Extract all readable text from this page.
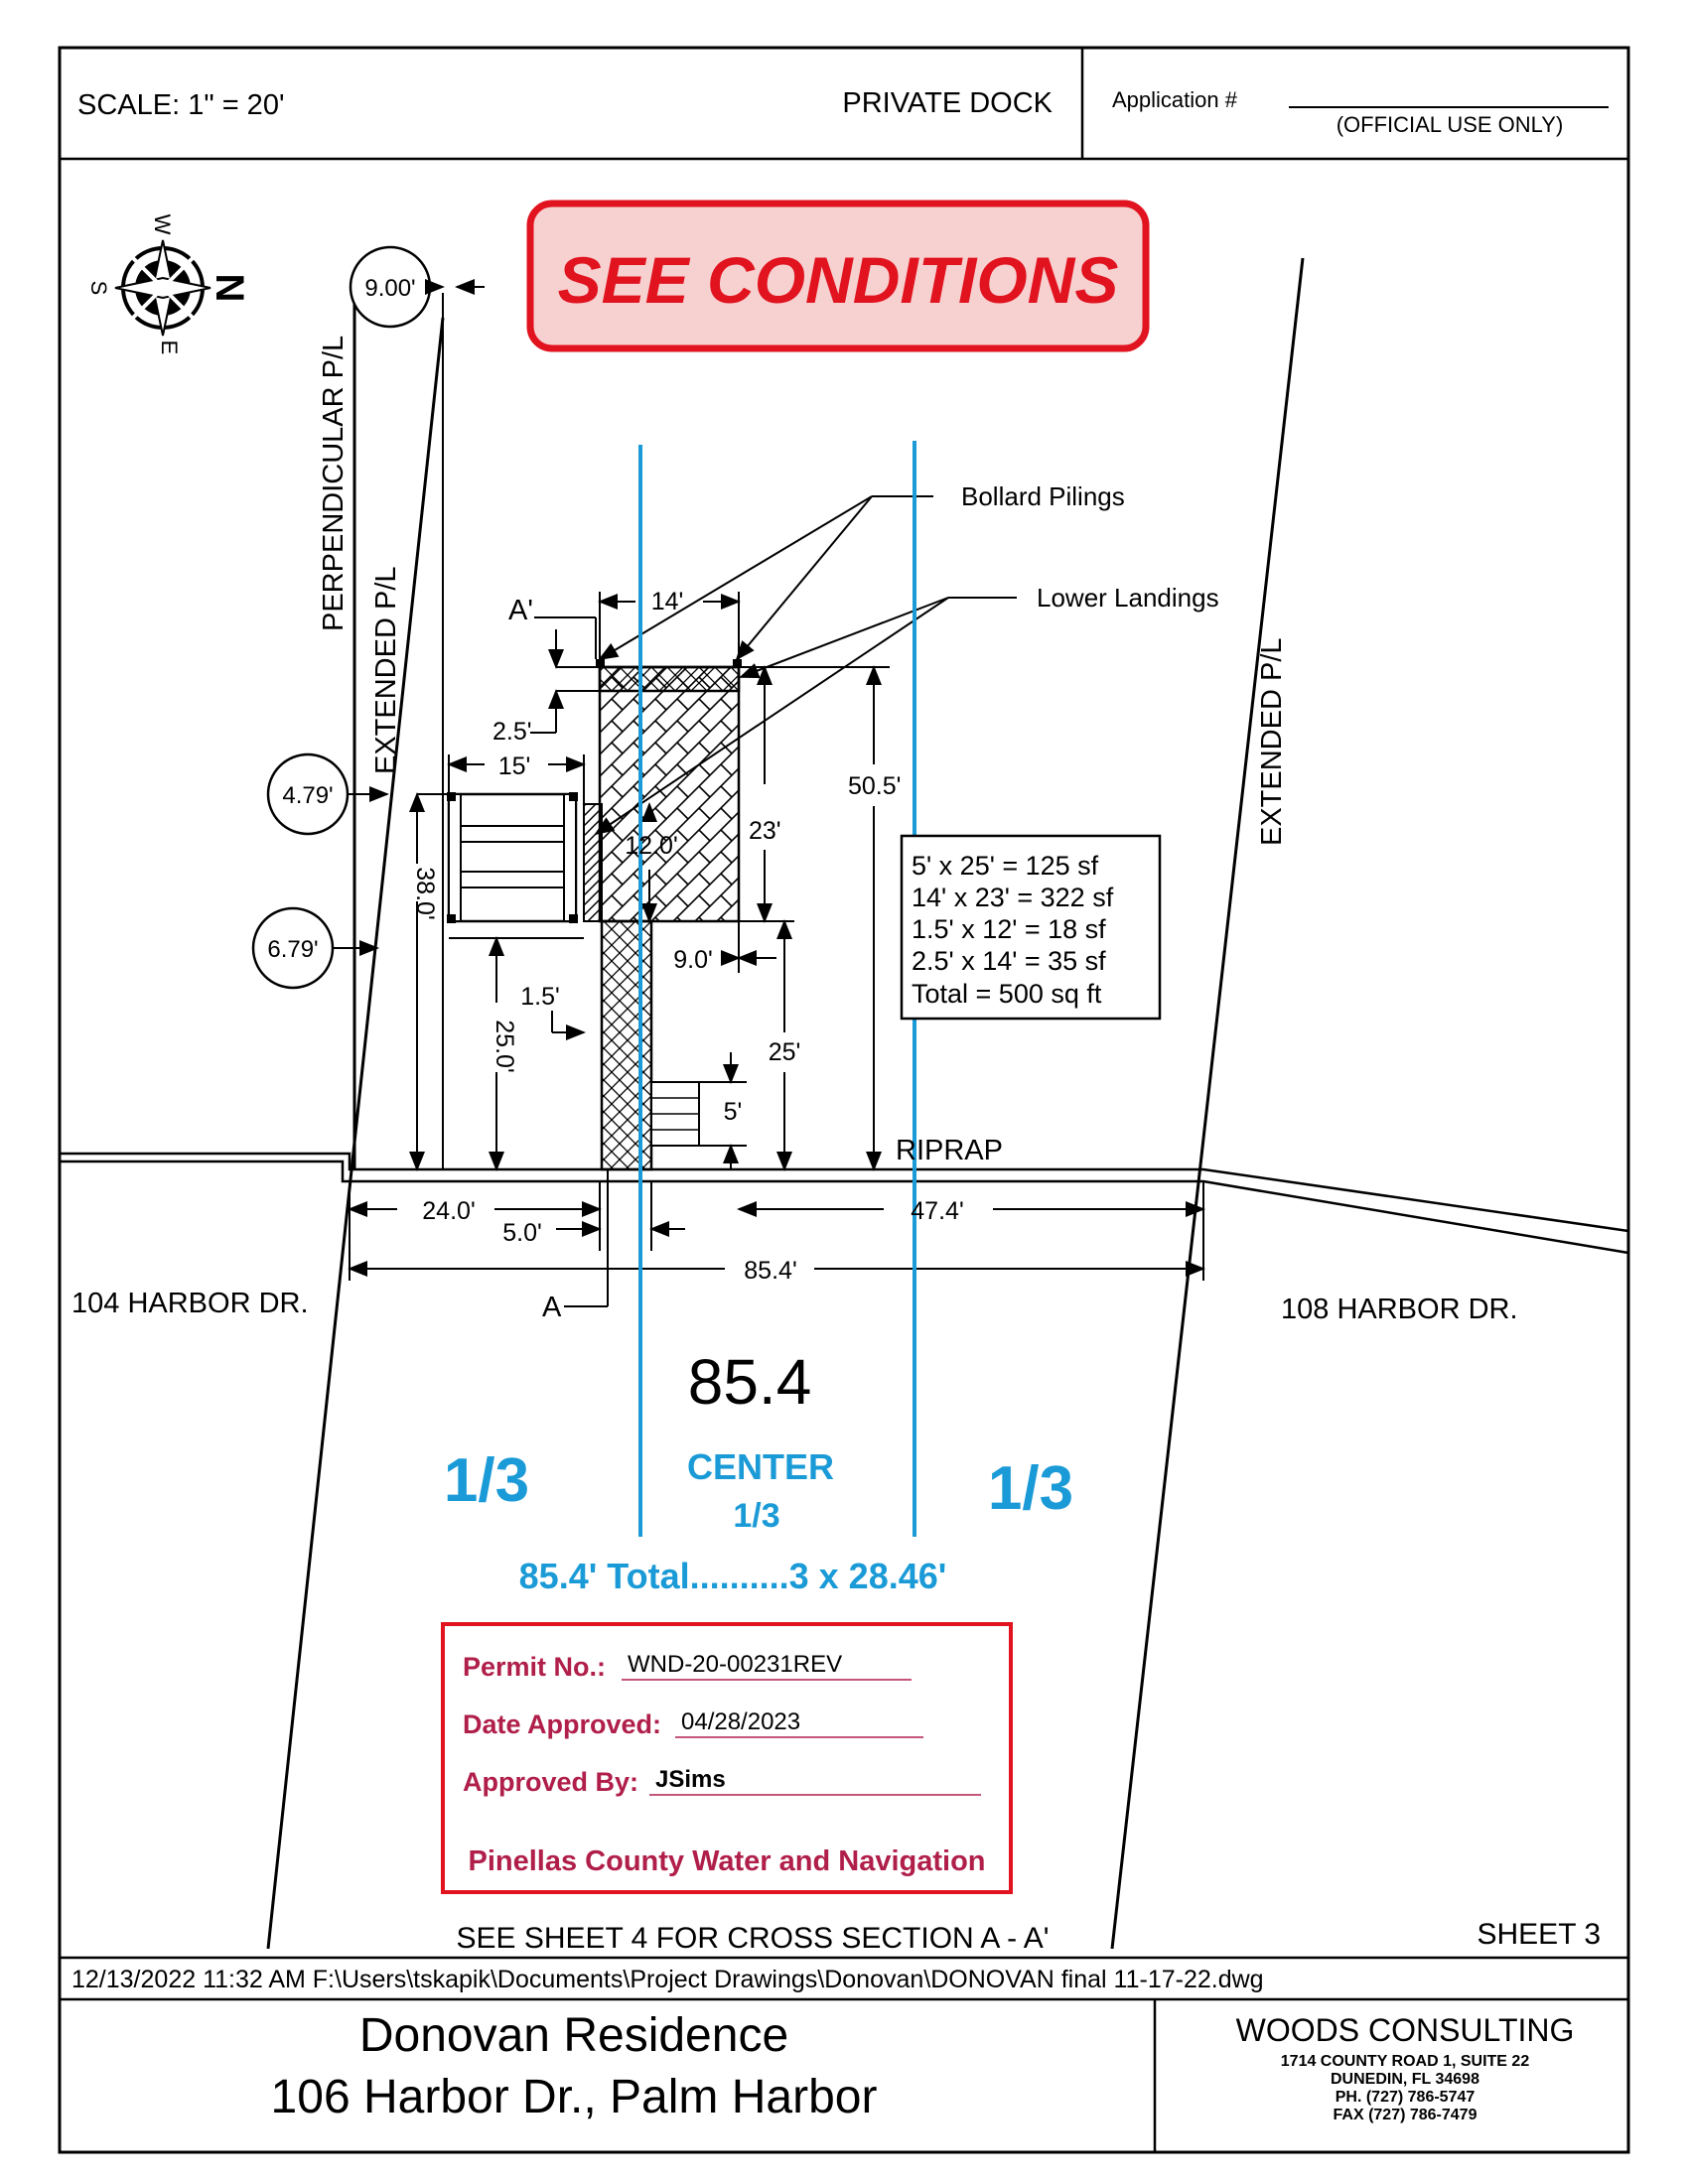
SCALE: 1" = 20'	PRIVATE DOCK	Application #
(OFFICIAL USE ONLY)
SEE CONDITIONS
N
W
S
E	PERPENDICULAR P/L
EXTENDED P/L	EXTENDED P/L
9.00'
4.79'
6.79'
14'
2.5'
15'
12.0'
23'
50.5'
38.0'
9.0'
1.5'
25.0'	25'
5'
24.0'
5.0'
47.4'
85.4'
Bollard Pilings
Lower Landings
RIPRAP
A'
A
5' x 25' = 125 sf
14' x 23' = 322 sf
1.5' x 12' = 18 sf
2.5' x 14' = 35 sf
Total = 500 sq ft
104 HARBOR DR.	108 HARBOR DR.
85.4
1/3	CENTER
1/3	1/3
85.4' Total..........3 x 28.46'
Permit No.: WND-20-00231REV
Date Approved: 04/28/2023
Approved By: JSims
Pinellas County Water and Navigation
SEE SHEET 4 FOR CROSS SECTION A - A'	SHEET 3
12/13/2022 11:32 AM F:\Users\tskapik\Documents\Project Drawings\Donovan\DONOVAN final 11-17-22.dwg
Donovan Residence
106 Harbor Dr., Palm Harbor
WOODS CONSULTING
1714 COUNTY ROAD 1, SUITE 22
DUNEDIN, FL 34698
PH. (727) 786-5747
FAX (727) 786-7479
